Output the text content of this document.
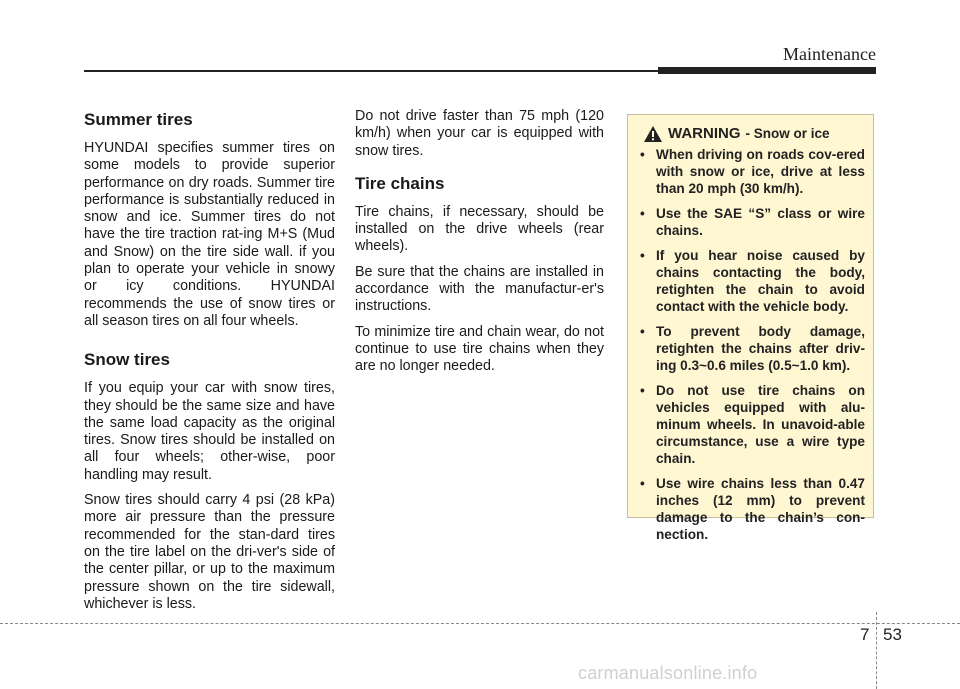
Maintenance
Summer tires

HYUNDAI specifies summer tires on some models to provide superior performance on dry roads. Summer tire performance is substantially reduced in snow and ice. Summer tires do not have the tire traction rat-ing M+S (Mud and Snow) on the tire side wall. if you plan to operate your vehicle in snowy or icy conditions. HYUNDAI recommends the use of snow tires or all season tires on all four wheels.

Snow tires

If you equip your car with snow tires, they should be the same size and have the same load capacity as the original tires. Snow tires should be installed on all four wheels; other-wise, poor handling may result.

Snow tires should carry 4 psi (28 kPa) more air pressure than the pressure recommended for the stan-dard tires on the tire label on the dri-ver's side of the center pillar, or up to the maximum pressure shown on the tire sidewall, whichever is less.

Do not drive faster than 75 mph (120 km/h) when your car is equipped with snow tires.

Tire chains

Tire chains, if necessary, should be installed on the drive wheels (rear wheels).

Be sure that the chains are installed in accordance with the manufactur-er's instructions.

To minimize tire and chain wear, do not continue to use tire chains when they are no longer needed.

WARNING - Snow or ice
• When driving on roads cov-ered with snow or ice, drive at less than 20 mph (30 km/h).
• Use the SAE “S” class or wire chains.
• If you hear noise caused by chains contacting the body, retighten the chain to avoid contact with the vehicle body.
• To prevent body damage, retighten the chains after driv-ing 0.3~0.6 miles (0.5~1.0 km).
• Do not use tire chains on vehicles equipped with alu-minum wheels. In unavoid-able circumstance, use a wire type chain.
• Use wire chains less than 0.47 inches (12 mm) to prevent damage to the chain’s con-nection.
7 53
carmanualsonline.info
